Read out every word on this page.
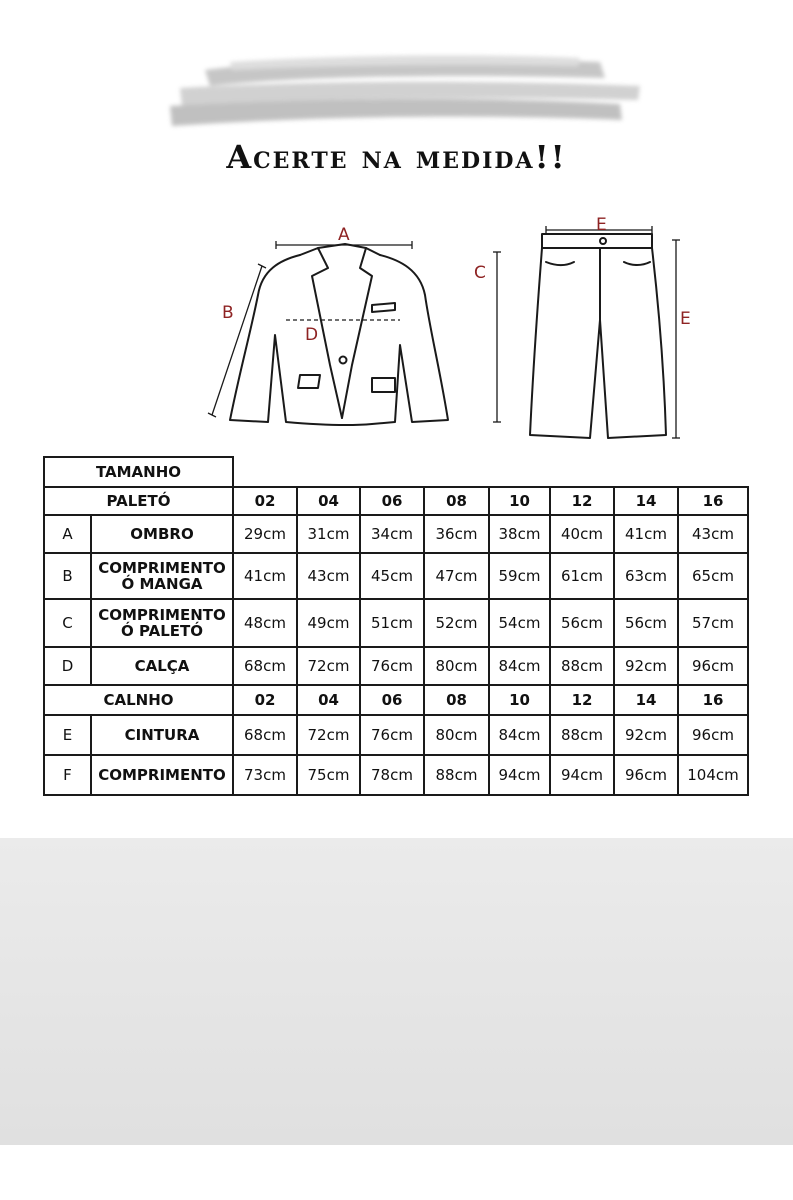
Acerte na medida!!
A
B
D
E
C
E
TAMANHO									
PALETÓ		02	04	06	08	10	12	14	16
A	OMBRO	29cm	31cm	34cm	36cm	38cm	40cm	41cm	43cm
B	COMPRIMENTO
Ó MANGA	41cm	43cm	45cm	47cm	59cm	61cm	63cm	65cm
C	COMPRIMENTO
Ó PALETÓ	48cm	49cm	51cm	52cm	54cm	56cm	56cm	57cm
D	CALÇA	68cm	72cm	76cm	80cm	84cm	88cm	92cm	96cm
CALNHO		02	04	06	08	10	12	14	16
E	CINTURA	68cm	72cm	76cm	80cm	84cm	88cm	92cm	96cm
F	COMPRIMENTO	73cm	75cm	78cm	88cm	94cm	94cm	96cm	104cm
